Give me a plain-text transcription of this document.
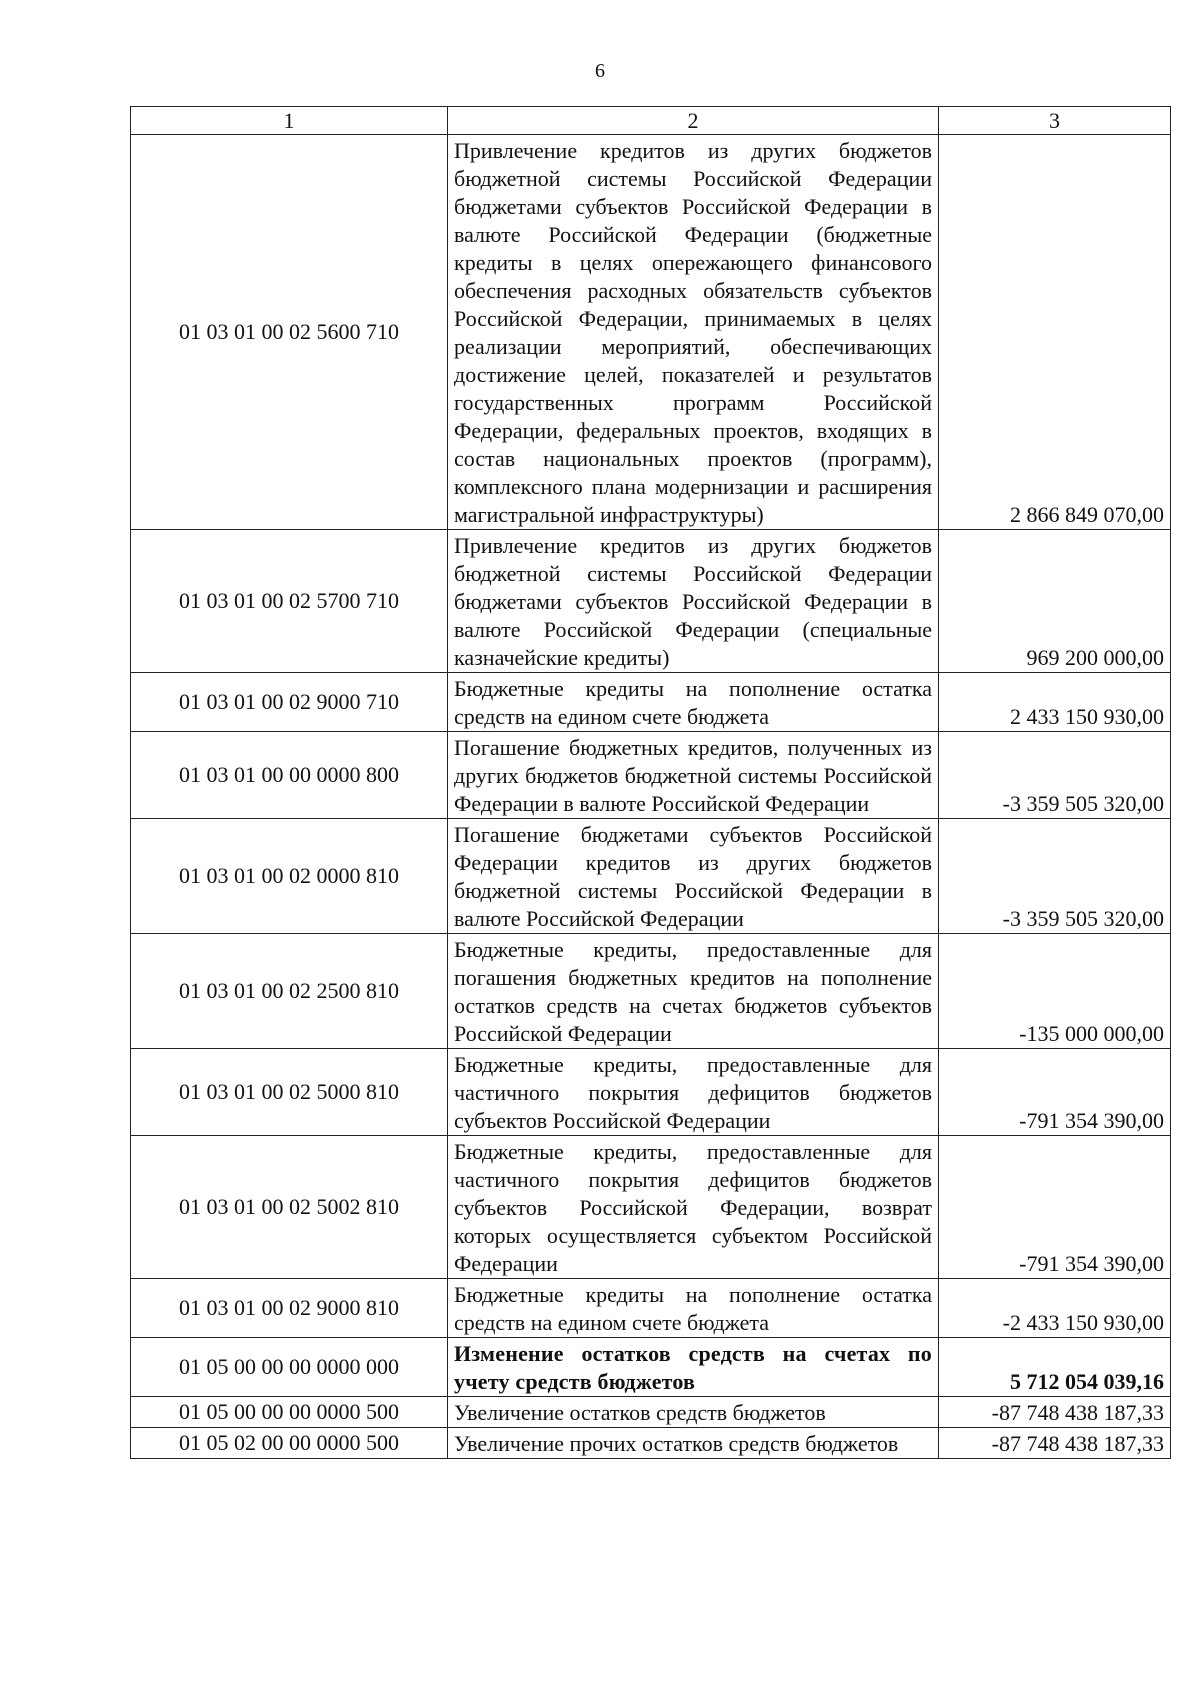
6
1	2	3
01 03 01 00 02 5600 710	Привлечение кредитов из других бюджетов бюджетной системы Российской Федерации бюджетами субъектов Российской Федерации в валюте Российской Федерации (бюджетные кредиты в целях опережающего финансового обеспечения расходных обязательств субъектов Российской Федерации, принимаемых в целях реализации мероприятий, обеспечивающих достижение целей, показателей и результатов государственных программ Российской Федерации, федеральных проектов, входящих в состав национальных проектов (программ), комплексного плана модернизации и расширения магистральной инфраструктуры)	2 866 849 070,00
01 03 01 00 02 5700 710	Привлечение кредитов из других бюджетов бюджетной системы Российской Федерации бюджетами субъектов Российской Федерации в валюте Российской Федерации (специальные казначейские кредиты)	969 200 000,00
01 03 01 00 02 9000 710	Бюджетные кредиты на пополнение остатка средств на едином счете бюджета	2 433 150 930,00
01 03 01 00 00 0000 800	Погашение бюджетных кредитов, полученных из других бюджетов бюджетной системы Российской Федерации в валюте Российской Федерации	-3 359 505 320,00
01 03 01 00 02 0000 810	Погашение бюджетами субъектов Российской Федерации кредитов из других бюджетов бюджетной системы Российской Федерации в валюте Российской Федерации	-3 359 505 320,00
01 03 01 00 02 2500 810	Бюджетные кредиты, предоставленные для погашения бюджетных кредитов на пополнение остатков средств на счетах бюджетов субъектов Российской Федерации	-135 000 000,00
01 03 01 00 02 5000 810	Бюджетные кредиты, предоставленные для частичного покрытия дефицитов бюджетов субъектов Российской Федерации	-791 354 390,00
01 03 01 00 02 5002 810	Бюджетные кредиты, предоставленные для частичного покрытия дефицитов бюджетов субъектов Российской Федерации, возврат которых осуществляется субъектом Российской Федерации	-791 354 390,00
01 03 01 00 02 9000 810	Бюджетные кредиты на пополнение остатка средств на едином счете бюджета	-2 433 150 930,00
01 05 00 00 00 0000 000	Изменение остатков средств на счетах по учету средств бюджетов	5 712 054 039,16
01 05 00 00 00 0000 500	Увеличение остатков средств бюджетов	-87 748 438 187,33
01 05 02 00 00 0000 500	Увеличение прочих остатков средств бюджетов	-87 748 438 187,33
